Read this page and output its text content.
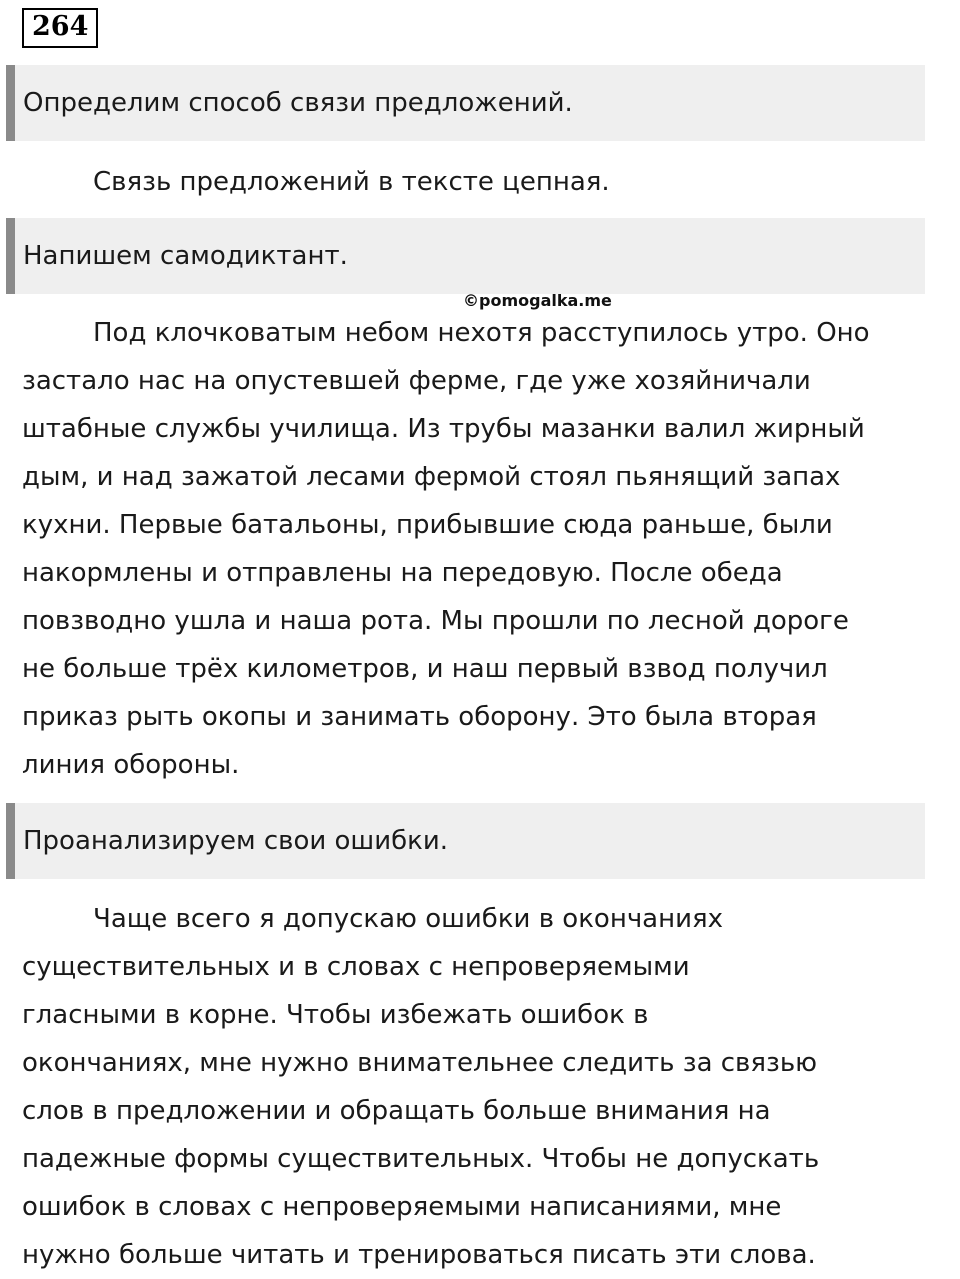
264
Определим способ связи предложений.

Связь предложений в тексте цепная.

Напишем самодиктант.
©pomogalka.me

Под клочковатым небом нехотя расступилось утро. Оно
застало нас на опустевшей ферме, где уже хозяйничали
штабные службы училища. Из трубы мазанки валил жирный
дым, и над зажатой лесами фермой стоял пьянящий запах
кухни. Первые батальоны, прибывшие сюда раньше, были
накормлены и отправлены на передовую. После обеда
повзводно ушла и наша рота. Мы прошли по лесной дороге
не больше трёх километров, и наш первый взвод получил
приказ рыть окопы и занимать оборону. Это была вторая
линия обороны.

Проанализируем свои ошибки.

Чаще всего я допускаю ошибки в окончаниях
существительных и в словах с непроверяемыми
гласными в корне. Чтобы избежать ошибок в
окончаниях, мне нужно внимательнее следить за связью
слов в предложении и обращать больше внимания на
падежные формы существительных. Чтобы не допускать
ошибок в словах с непроверяемыми написаниями, мне
нужно больше читать и тренироваться писать эти слова.
